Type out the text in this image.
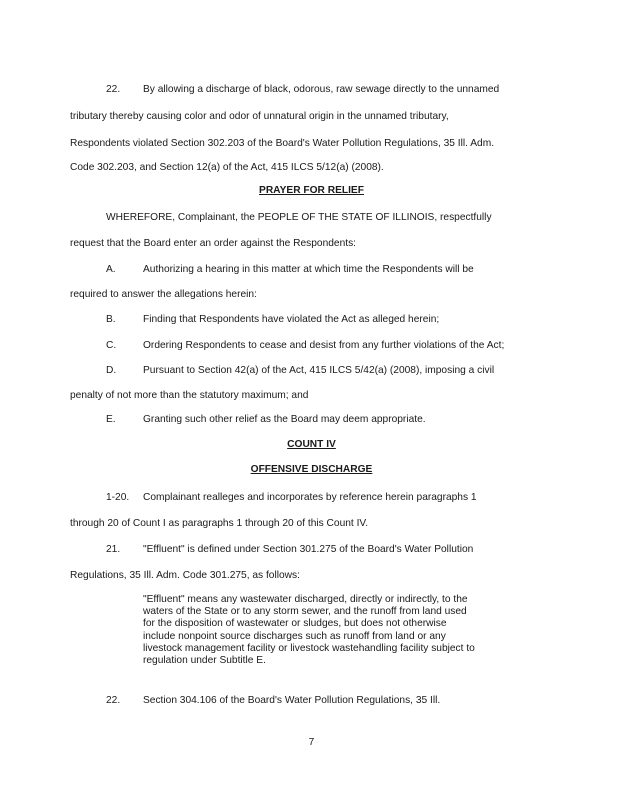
22. By allowing a discharge of black, odorous, raw sewage directly to the unnamed
tributary thereby causing color and odor of unnatural origin in the unnamed tributary,
Respondents violated Section 302.203 of the Board's Water Pollution Regulations, 35 Ill. Adm.
Code 302.203, and Section 12(a) of the Act, 415 ILCS 5/12(a) (2008).
PRAYER FOR RELIEF
WHEREFORE, Complainant, the PEOPLE OF THE STATE OF ILLINOIS, respectfully
request that the Board enter an order against the Respondents:
A.	Authorizing a hearing in this matter at which time the Respondents will be
required to answer the allegations herein:
B.	Finding that Respondents have violated the Act as alleged herein;
C.	Ordering Respondents to cease and desist from any further violations of the Act;
D.	Pursuant to Section 42(a) of the Act, 415 ILCS 5/42(a) (2008), imposing a civil
penalty of not more than the statutory maximum; and
E.	Granting such other relief as the Board may deem appropriate.
COUNT IV
OFFENSIVE DISCHARGE
1-20. Complainant realleges and incorporates by reference herein paragraphs 1
through 20 of Count I as paragraphs 1 through 20 of this Count IV.
21. "Effluent" is defined under Section 301.275 of the Board's Water Pollution
Regulations, 35 Ill. Adm. Code 301.275, as follows:
"Effluent" means any wastewater discharged, directly or indirectly, to the
waters of the State or to any storm sewer, and the runoff from land used
for the disposition of wastewater or sludges, but does not otherwise
include nonpoint source discharges such as runoff from land or any
livestock management facility or livestock wastehandling facility subject to
regulation under Subtitle E.
22. Section 304.106 of the Board's Water Pollution Regulations, 35 Ill.
7
